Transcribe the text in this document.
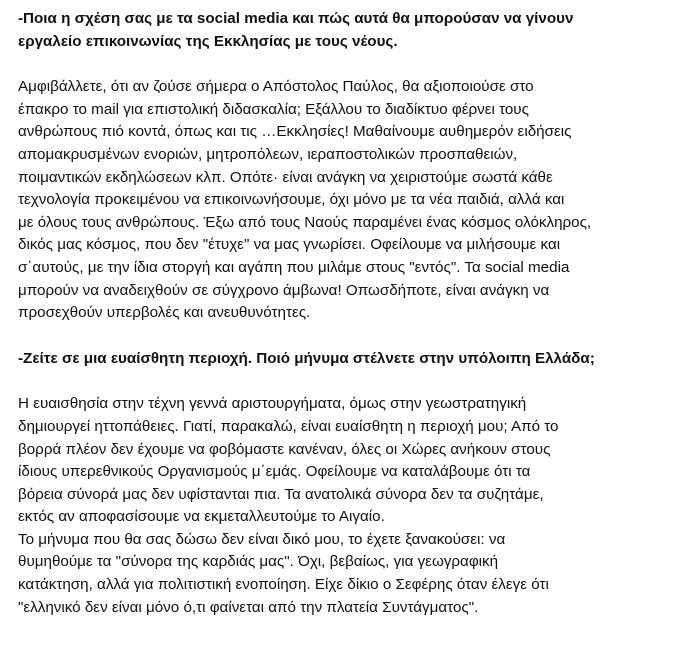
-Ποια η σχέση σας με τα social media και πώς αυτά θα μπορούσαν να γίνουν
εργαλείο επικοινωνίας της Εκκλησίας με τους νέους.

Αμφιβάλλετε, ότι αν ζούσε σήμερα ο Απόστολος Παύλος, θα αξιοποιούσε στο
έπακρο το mail για επιστολική διδασκαλία; Εξάλλου το διαδίκτυο φέρνει τους
ανθρώπους πιό κοντά, όπως και τις …Εκκλησίες! Μαθαίνουμε αυθημερόν ειδήσεις
απομακρυσμένων ενοριών, μητροπόλεων, ιεραποστολικών προσπαθειών,
ποιμαντικών εκδηλώσεων κλπ. Οπότε· είναι ανάγκη να χειριστούμε σωστά κάθε
τεχνολογία προκειμένου να επικοινωνήσουμε, όχι μόνο με τα νέα παιδιά, αλλά και
με όλους τους ανθρώπους. Έξω από τους Ναούς παραμένει ένας κόσμος ολόκληρος,
δικός μας κόσμος, που δεν "έτυχε" να μας γνωρίσει. Οφείλουμε να μιλήσουμε και
σ΄αυτούς, με την ίδια στοργή και αγάπη που μιλάμε στους "εντός". Τα social media
μπορούν να αναδειχθούν σε σύγχρονο άμβωνα! Οπωσδήποτε, είναι ανάγκη να
προσεχθούν υπερβολές και ανευθυνότητες.

-Ζείτε σε μια ευαίσθητη περιοχή. Ποιό μήνυμα στέλνετε στην υπόλοιπη Ελλάδα;

Η ευαισθησία στην τέχνη γεννά αριστουργήματα, όμως στην γεωστρατηγική
δημιουργεί ηττοπάθειες. Γιατί, παρακαλώ, είναι ευαίσθητη η περιοχή μου; Από το
βορρά πλέον δεν έχουμε να φοβόμαστε κανέναν, όλες οι Χώρες ανήκουν στους
ίδιους υπερεθνικούς Οργανισμούς μ΄εμάς. Οφείλουμε να καταλάβουμε ότι τα
βόρεια σύνορά μας δεν υφίστανται πια. Τα ανατολικά σύνορα δεν τα συζητάμε,
εκτός αν αποφασίσουμε να εκμεταλλευτούμε το Αιγαίο.
Το μήνυμα που θα σας δώσω δεν είναι δικό μου, το έχετε ξανακούσει: να
θυμηθούμε τα "σύνορα της καρδιάς μας". Όχι, βεβαίως, για γεωγραφική
κατάκτηση, αλλά για πολιτιστική ενοποίηση. Είχε δίκιο ο Σεφέρης όταν έλεγε ότι
"ελληνικό δεν είναι μόνο ό,τι φαίνεται από την πλατεία Συντάγματος".
